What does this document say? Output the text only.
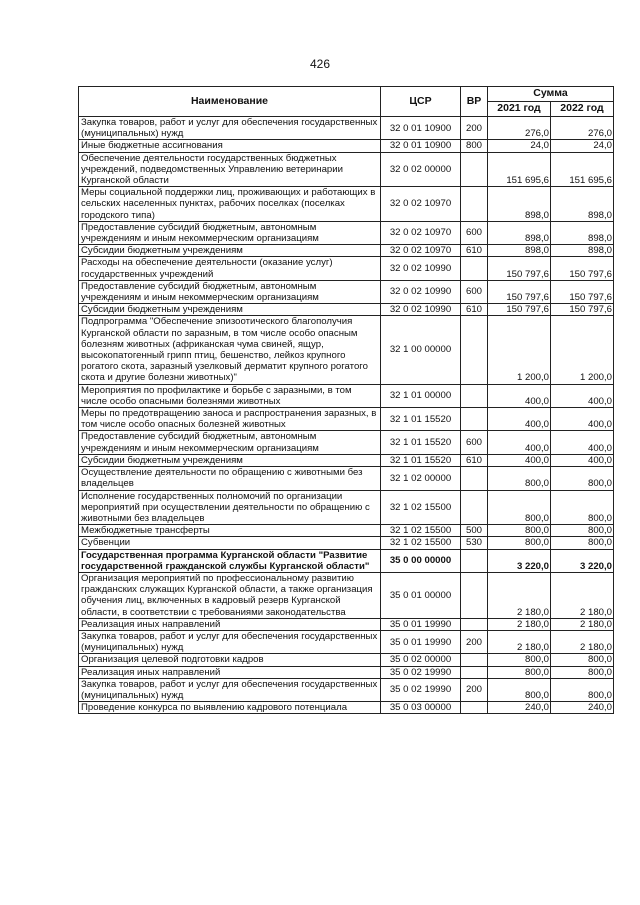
426
Наименование	ЦСР	ВР	Сумма	
			2021 год	2022 год
Закупка товаров, работ и услуг для обеспечения государственных (муниципальных) нужд	32 0 01 10900	200	276,0	276,0
Иные бюджетные ассигнования	32 0 01 10900	800	24,0	24,0
Обеспечение деятельности государственных бюджетных учреждений, подведомственных Управлению ветеринарии Курганской области	32 0 02 00000		151 695,6	151 695,6
Меры социальной поддержки лиц, проживающих и работающих в сельских населенных пунктах, рабочих поселках (поселках городского типа)	32 0 02 10970		898,0	898,0
Предоставление субсидий бюджетным, автономным учреждениям и иным некоммерческим организациям	32 0 02 10970	600	898,0	898,0
Субсидии бюджетным учреждениям	32 0 02 10970	610	898,0	898,0
Расходы на обеспечение деятельности (оказание услуг) государственных учреждений	32 0 02 10990		150 797,6	150 797,6
Предоставление субсидий бюджетным, автономным учреждениям и иным некоммерческим организациям	32 0 02 10990	600	150 797,6	150 797,6
Субсидии бюджетным учреждениям	32 0 02 10990	610	150 797,6	150 797,6
Подпрограмма "Обеспечение эпизоотического благополучия Курганской области по заразным, в том числе особо опасным болезням животных (африканская чума свиней, ящур, высокопатогенный грипп птиц, бешенство, лейкоз крупного рогатого скота, заразный узелковый дерматит крупного рогатого скота и другие болезни животных)"	32 1 00 00000		1 200,0	1 200,0
Мероприятия по профилактике и борьбе с заразными, в том числе особо опасными болезнями животных	32 1 01 00000		400,0	400,0
Меры по предотвращению заноса и распространения заразных, в том числе особо опасных болезней животных	32 1 01 15520		400,0	400,0
Предоставление субсидий бюджетным, автономным учреждениям и иным некоммерческим организациям	32 1 01 15520	600	400,0	400,0
Субсидии бюджетным учреждениям	32 1 01 15520	610	400,0	400,0
Осуществление деятельности по обращению с животными без владельцев	32 1 02 00000		800,0	800,0
Исполнение государственных полномочий по организации мероприятий при осуществлении деятельности по обращению с животными без владельцев	32 1 02 15500		800,0	800,0
Межбюджетные трансферты	32 1 02 15500	500	800,0	800,0
Субвенции	32 1 02 15500	530	800,0	800,0
Государственная программа Курганской области "Развитие государственной гражданской службы Курганской области"	35 0 00 00000		3 220,0	3 220,0
Организация мероприятий по профессиональному развитию гражданских служащих Курганской области, а также организация обучения лиц, включенных в кадровый резерв Курганской области, в соответствии с требованиями законодательства	35 0 01 00000		2 180,0	2 180,0
Реализация иных направлений	35 0 01 19990		2 180,0	2 180,0
Закупка товаров, работ и услуг для обеспечения государственных (муниципальных) нужд	35 0 01 19990	200	2 180,0	2 180,0
Организация целевой подготовки кадров	35 0 02 00000		800,0	800,0
Реализация иных направлений	35 0 02 19990		800,0	800,0
Закупка товаров, работ и услуг для обеспечения государственных (муниципальных) нужд	35 0 02 19990	200	800,0	800,0
Проведение конкурса по выявлению кадрового потенциала	35 0 03 00000		240,0	240,0
